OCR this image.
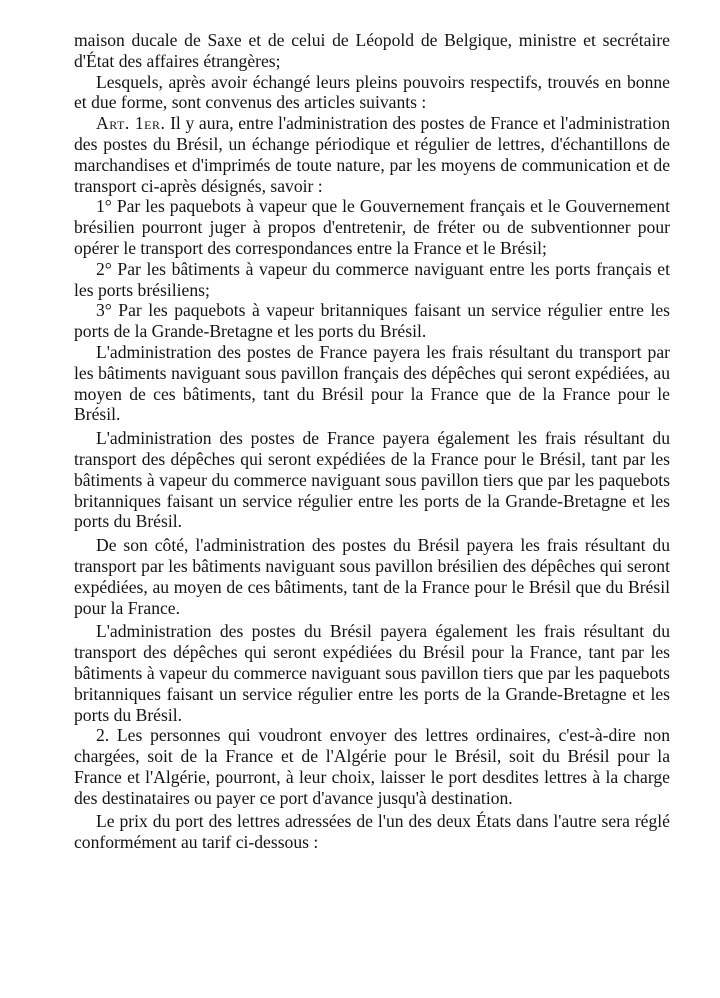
maison ducale de Saxe et de celui de Léopold de Belgique, ministre et secrétaire d'État des affaires étrangères;

Lesquels, après avoir échangé leurs pleins pouvoirs respectifs, trouvés en bonne et due forme, sont convenus des articles suivants :

Art. 1er. Il y aura, entre l'administration des postes de France et l'administration des postes du Brésil, un échange périodique et régulier de lettres, d'échantillons de marchandises et d'imprimés de toute nature, par les moyens de communication et de transport ci-après désignés, savoir :

1° Par les paquebots à vapeur que le Gouvernement français et le Gouvernement brésilien pourront juger à propos d'entretenir, de fréter ou de subventionner pour opérer le transport des correspondances entre la France et le Brésil;

2° Par les bâtiments à vapeur du commerce naviguant entre les ports français et les ports brésiliens;

3° Par les paquebots à vapeur britanniques faisant un service régulier entre les ports de la Grande-Bretagne et les ports du Brésil.

L'administration des postes de France payera les frais résultant du transport par les bâtiments naviguant sous pavillon français des dépêches qui seront expédiées, au moyen de ces bâtiments, tant du Brésil pour la France que de la France pour le Brésil.

L'administration des postes de France payera également les frais résultant du transport des dépêches qui seront expédiées de la France pour le Brésil, tant par les bâtiments à vapeur du commerce naviguant sous pavillon tiers que par les paquebots britanniques faisant un service régulier entre les ports de la Grande-Bretagne et les ports du Brésil.

De son côté, l'administration des postes du Brésil payera les frais résultant du transport par les bâtiments naviguant sous pavillon brésilien des dépêches qui seront expédiées, au moyen de ces bâtiments, tant de la France pour le Brésil que du Brésil pour la France.

L'administration des postes du Brésil payera également les frais résultant du transport des dépêches qui seront expédiées du Brésil pour la France, tant par les bâtiments à vapeur du commerce naviguant sous pavillon tiers que par les paquebots britanniques faisant un service régulier entre les ports de la Grande-Bretagne et les ports du Brésil.

2. Les personnes qui voudront envoyer des lettres ordinaires, c'est-à-dire non chargées, soit de la France et de l'Algérie pour le Brésil, soit du Brésil pour la France et l'Algérie, pourront, à leur choix, laisser le port desdites lettres à la charge des destinataires ou payer ce port d'avance jusqu'à destination.

Le prix du port des lettres adressées de l'un des deux États dans l'autre sera réglé conformément au tarif ci-dessous :
